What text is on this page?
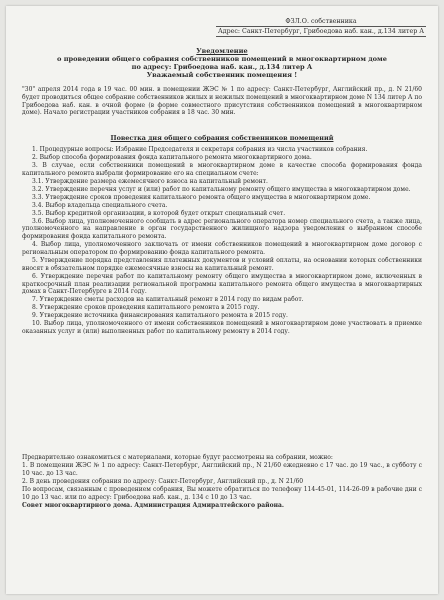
ФЗЛ.О. собственника
Адрес: Санкт-Петербург, Грибоедова наб. кан., д.134 литер А
Уведомление
о проведении общего собрания собственников помещений в многоквартирном доме
по адресу: Грибоедова наб. кан., д.134 литер А
Уважаемый собственник помещения !
"30" апреля 2014 года в 19 час. 00 мин. в помещении ЖЭС № 1 по адресу: Санкт-Петербург, Английский пр., д. N 21/60 будет проводиться общее собрание собственников жилых и нежилых помещений в многоквартирном доме N 134 литер А по Грибоедова наб. кан. в очной форме (в форме совместного присутствия собственников помещений в многоквартирном доме). Начало регистрации участников собрания в 18 час. 30 мин.
Повестка дня общего собрания собственников помещений

1. Процедурные вопросы: Избрание Председателя и секретаря собрания из числа участников собрания.

2. Выбор способа формирования фонда капитального ремонта многоквартирного дома.

3. В случае, если собственники помещений в многоквартирном доме в качестве способа формирования фонда капитального ремонта выбрали формирование его на специальном счете:

3.1. Утверждение размера ежемесячного взноса на капитальный ремонт.

3.2. Утверждение перечня услуг и (или) работ по капитальному ремонту общего имущества в многоквартирном доме.

3.3. Утверждение сроков проведения капитального ремонта общего имущества в многоквартирном доме.

3.4. Выбор владельца специального счета.

3.5. Выбор кредитной организации, в которой будет открыт специальный счет.

3.6. Выбор лица, уполномоченного сообщать в адрес регионального оператора номер специального счета, а также лица, уполномоченного на направление в орган государственного жилищного надзора уведомления о выбранном способе формирования фонда капитального ремонта.

4. Выбор лица, уполномоченного заключать от имени собственников помещений в многоквартирном доме договор с региональным оператором по формированию фонда капитального ремонта.

5. Утверждение порядка представления платежных документов и условий оплаты, на основании которых собственники вносят в обязательном порядке ежемесячные взносы на капитальный ремонт.

6. Утверждение перечня работ по капитальному ремонту общего имущества в многоквартирном доме, включенных в краткосрочный план реализации региональной программы капитального ремонта общего имущества в многоквартирных домах в Санкт-Петербурге в 2014 году.

7. Утверждение сметы расходов на капитальный ремонт в 2014 году по видам работ.

8. Утверждение сроков проведения капитального ремонта в 2015 году.

9. Утверждение источника финансирования капитального ремонта в 2015 году.

10. Выбор лица, уполномоченного от имени собственников помещений в многоквартирном доме участвовать в приемке оказанных услуг и (или) выполненных работ по капитальному ремонту в 2014 году.

Предварительно ознакомиться с материалами, которые будут рассмотрены на собрании, можно:

1. В помещении ЖЭС № 1 по адресу: Санкт-Петербург, Английский пр., N 21/60 ежедневно с 17 час. до 19 час., в субботу с 10 час. до 13 час.

2. В день проведения собрания по адресу: Санкт-Петербург, Английский пр., д. N 21/60

По вопросам, связанным с проведением собрания, Вы можете обратиться по телефону 114-45-01, 114-26-09 в рабочие дни с 10 до 13 час. или по адресу: Грибоедова наб. кан., д. 134 с 10 до 13 час.

Совет многоквартирного дома. Администрация Адмиралтейского района.
